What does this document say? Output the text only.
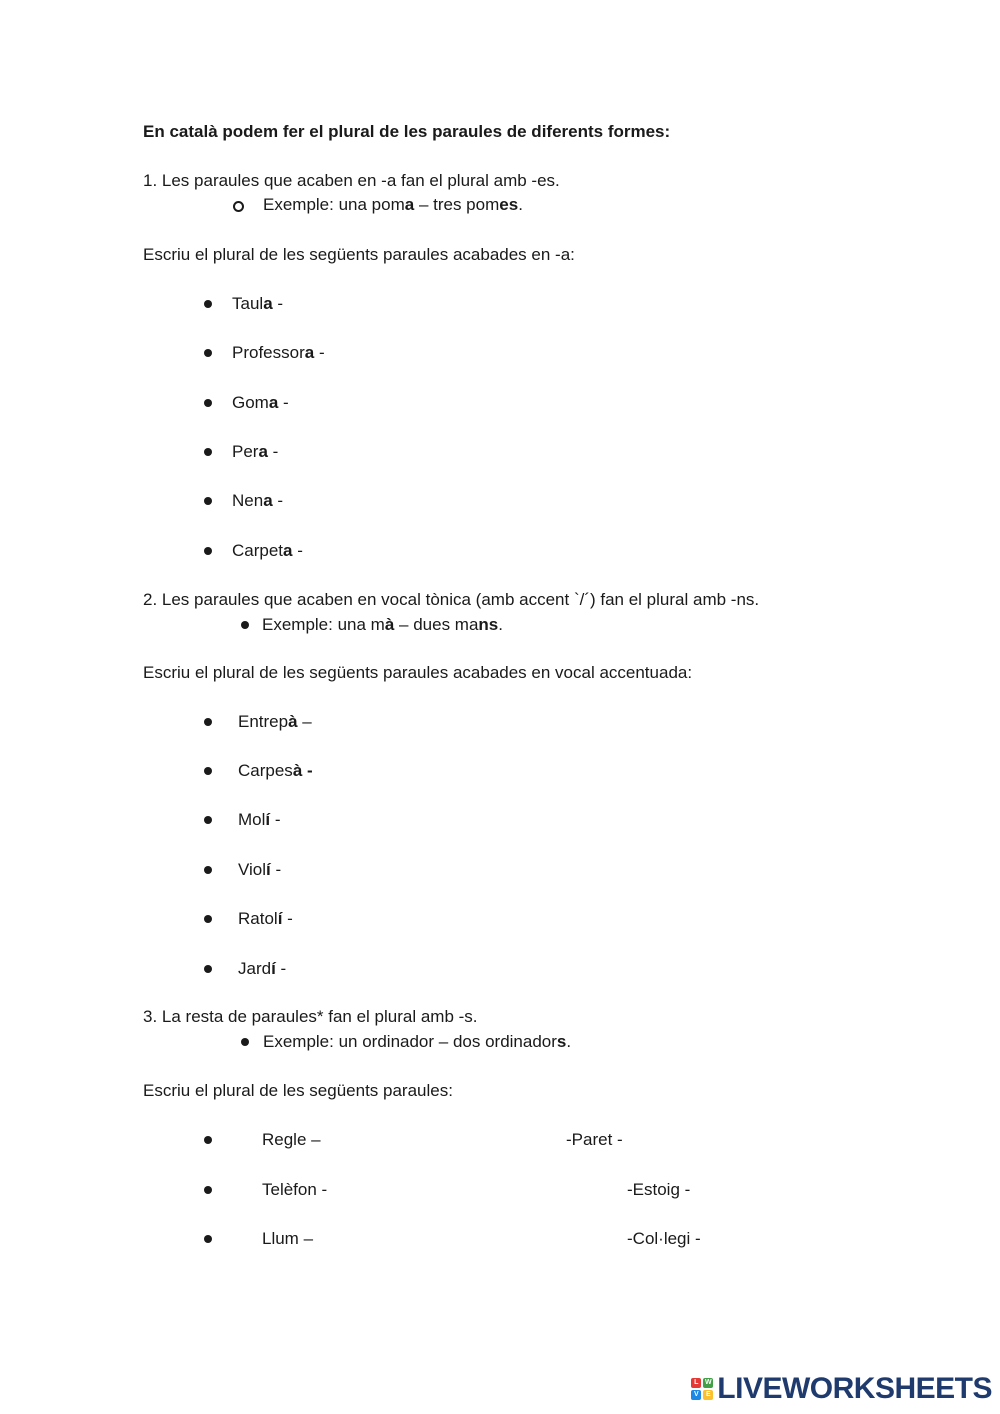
En català podem fer el plural de les paraules de diferents formes:
1. Les paraules que acaben en -a fan el plural amb -es.
Exemple: una poma – tres pomes.
Escriu el plural de les següents paraules acabades en -a:
Taula -
Professora -
Goma -
Pera -
Nena -
Carpeta -
2. Les paraules que acaben en vocal tònica (amb accent `/´) fan el plural amb -ns.
Exemple: una mà – dues mans.
Escriu el plural de les següents paraules acabades en vocal accentuada:
Entrepà –
Carpesà -
Molí -
Violí -
Ratolí -
Jardí -
3. La resta de paraules* fan el plural amb -s.
Exemple: un ordinador – dos ordinadors.
Escriu el plural de les següents paraules:
Regle –	-Paret -
Telèfon -	-Estoig -
Llum –	-Col·legi -
L W
V	E LIVEWORKSHEETS
